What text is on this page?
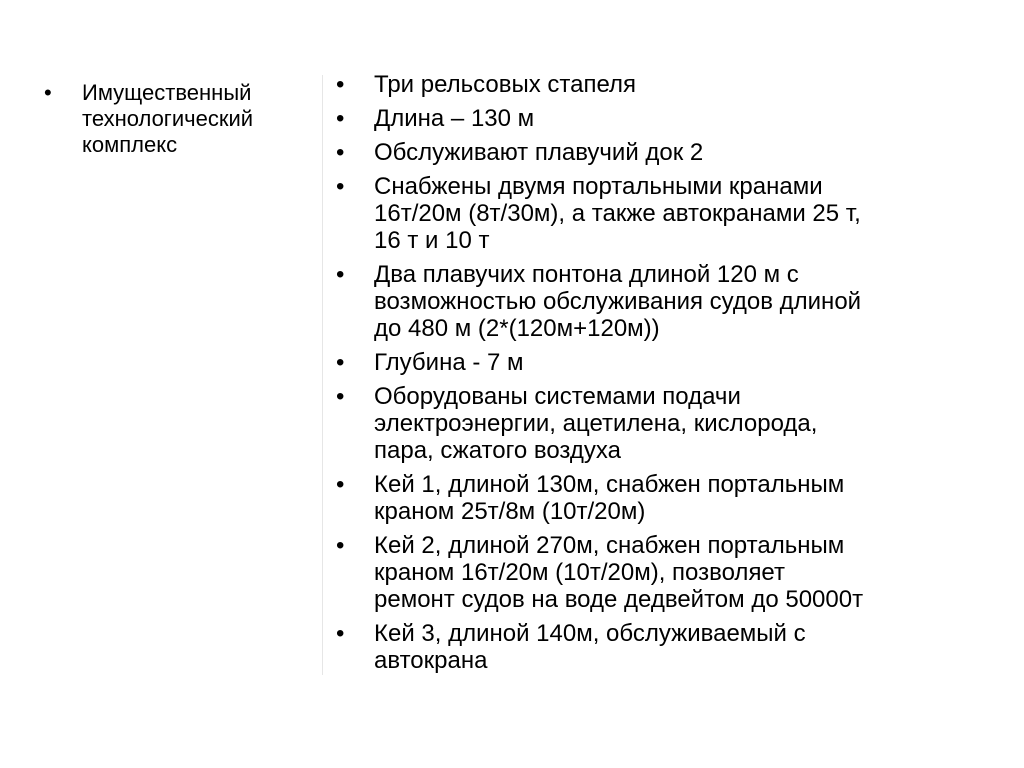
•	Имущественный
технологический
комплекс
•	Три рельсовых стапеля
•	Длина – 130 м
•	Обслуживают плавучий док 2
•	Снабжены двумя портальными кранами
16т/20м (8т/30м), а также автокранами 25 т,
16 т и 10 т
•	Два плавучих понтона длиной 120 м с
возможностью обслуживания судов длиной
до 480 м (2*(120м+120м))
•	Глубина - 7 м
•	Оборудованы системами подачи
электроэнергии, ацетилена, кислорода,
пара, сжатого воздуха
•	Кей 1, длиной 130м, снабжен портальным
краном 25т/8м (10т/20м)
•	Кей 2, длиной 270м, снабжен портальным
краном 16т/20м (10т/20м), позволяет
ремонт судов на воде дедвейтом до 50000т
•	Кей 3, длиной 140м, обслуживаемый с
автокрана
